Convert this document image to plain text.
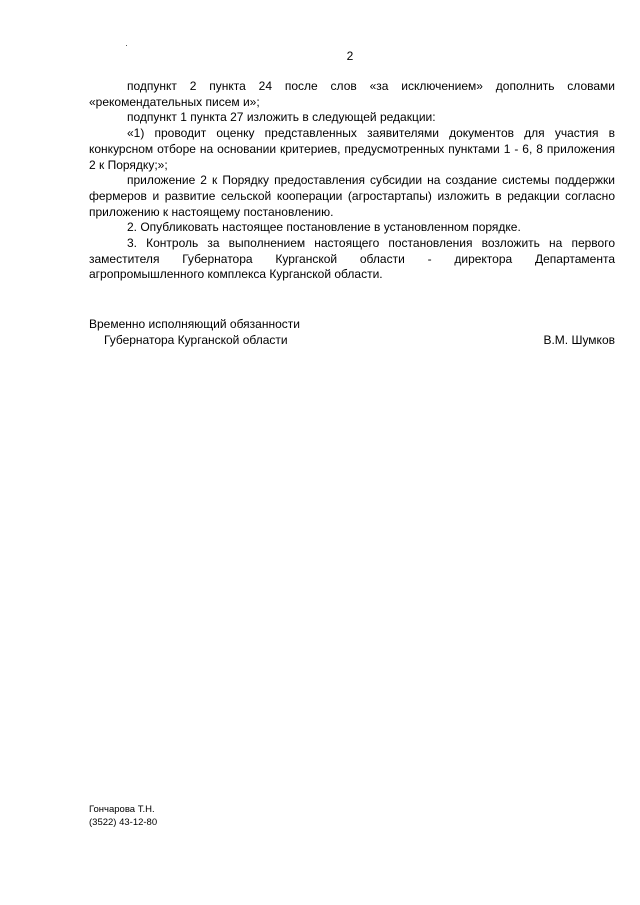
2

подпункт 2 пункта 24 после слов «за исключением» дополнить словами «рекомендательных писем и»;

подпункт 1 пункта 27 изложить в следующей редакции:

«1) проводит оценку представленных заявителями документов для участия в конкурсном отборе на основании критериев, предусмотренных пунктами 1 - 6, 8 приложения 2 к Порядку;»;

приложение 2 к Порядку предоставления субсидии на создание системы поддержки фермеров и развитие сельской кооперации (агростартапы) изложить в редакции согласно приложению к настоящему постановлению.

2. Опубликовать настоящее постановление в установленном порядке.

3. Контроль за выполнением настоящего постановления возложить на первого заместителя Губернатора Курганской области - директора Департамента агропромышленного комплекса Курганской области.

Временно исполняющий обязанности
Губернатора Курганской области	В.М. Шумков
Гончарова Т.Н.
(3522) 43-12-80
